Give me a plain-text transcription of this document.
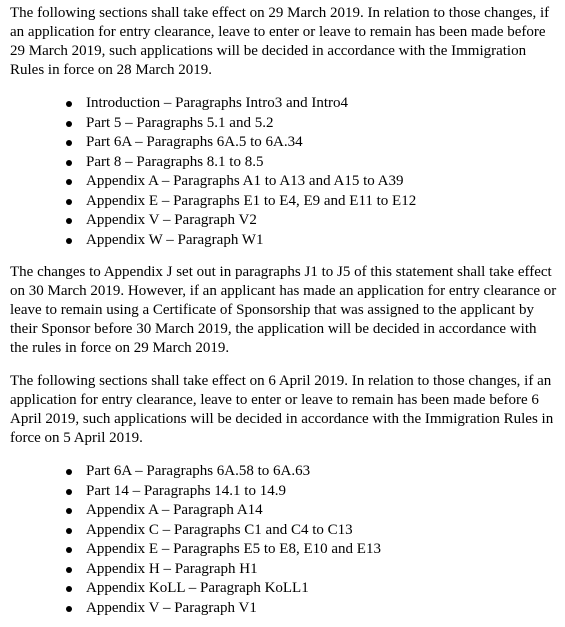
The following sections shall take effect on 29 March 2019. In relation to those changes, if an application for entry clearance, leave to enter or leave to remain has been made before 29 March 2019, such applications will be decided in accordance with the Immigration Rules in force on 28 March 2019.

Introduction – Paragraphs Intro3 and Intro4
Part 5 – Paragraphs 5.1 and 5.2
Part 6A – Paragraphs 6A.5 to 6A.34
Part 8 – Paragraphs 8.1 to 8.5
Appendix A – Paragraphs A1 to A13 and A15 to A39
Appendix E – Paragraphs E1 to E4, E9 and E11 to E12
Appendix V – Paragraph V2
Appendix W – Paragraph W1

The changes to Appendix J set out in paragraphs J1 to J5 of this statement shall take effect on 30 March 2019. However, if an applicant has made an application for entry clearance or leave to remain using a Certificate of Sponsorship that was assigned to the applicant by their Sponsor before 30 March 2019, the application will be decided in accordance with the rules in force on 29 March 2019.

The following sections shall take effect on 6 April 2019. In relation to those changes, if an application for entry clearance, leave to enter or leave to remain has been made before 6 April 2019, such applications will be decided in accordance with the Immigration Rules in force on 5 April 2019.

Part 6A – Paragraphs 6A.58 to 6A.63
Part 14 – Paragraphs 14.1 to 14.9
Appendix A – Paragraph A14
Appendix C – Paragraphs C1 and C4 to C13
Appendix E – Paragraphs E5 to E8, E10 and E13
Appendix H – Paragraph H1
Appendix KoLL – Paragraph KoLL1
Appendix V – Paragraph V1
